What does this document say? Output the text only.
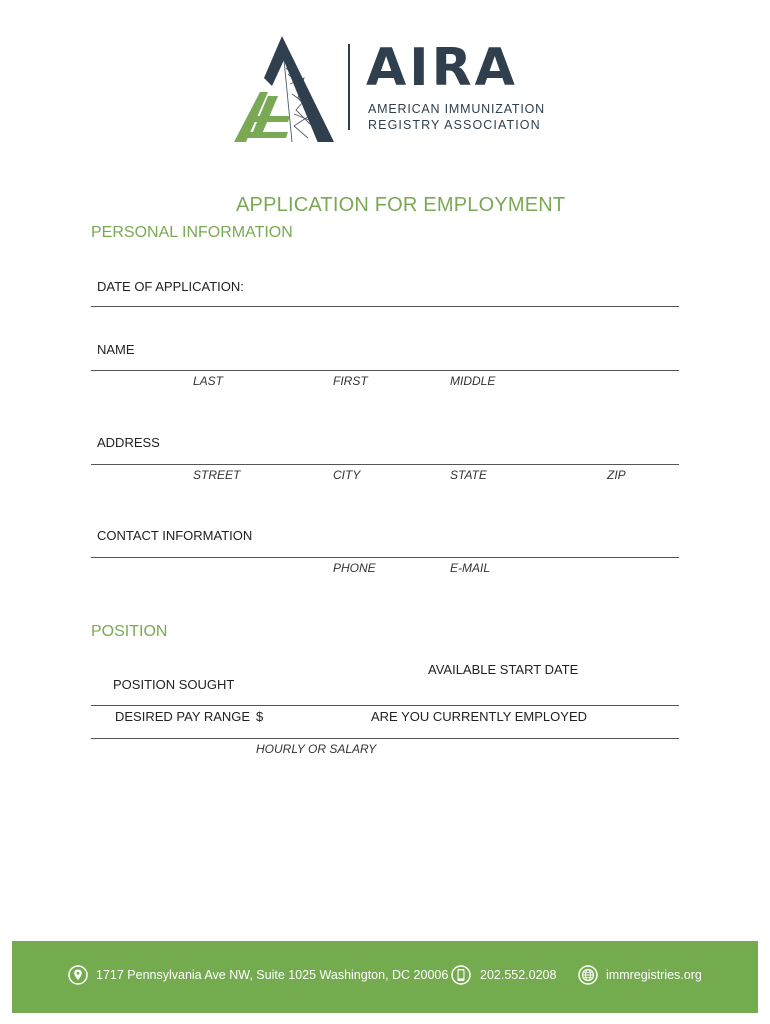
AIRA
AMERICAN IMMUNIZATION
REGISTRY ASSOCIATION
APPLICATION FOR EMPLOYMENT
PERSONAL INFORMATION
DATE OF APPLICATION:
NAME
LAST	FIRST	MIDDLE
ADDRESS
STREET	CITY	STATE	ZIP
CONTACT INFORMATION
PHONE	E-MAIL
POSITION
AVAILABLE START DATE
POSITION SOUGHT
DESIRED PAY RANGE $	ARE YOU CURRENTLY EMPLOYED
HOURLY OR SALARY
1717 Pennsylvania Ave NW, Suite 1025 Washington, DC 20006	202.552.0208	immregistries.org
